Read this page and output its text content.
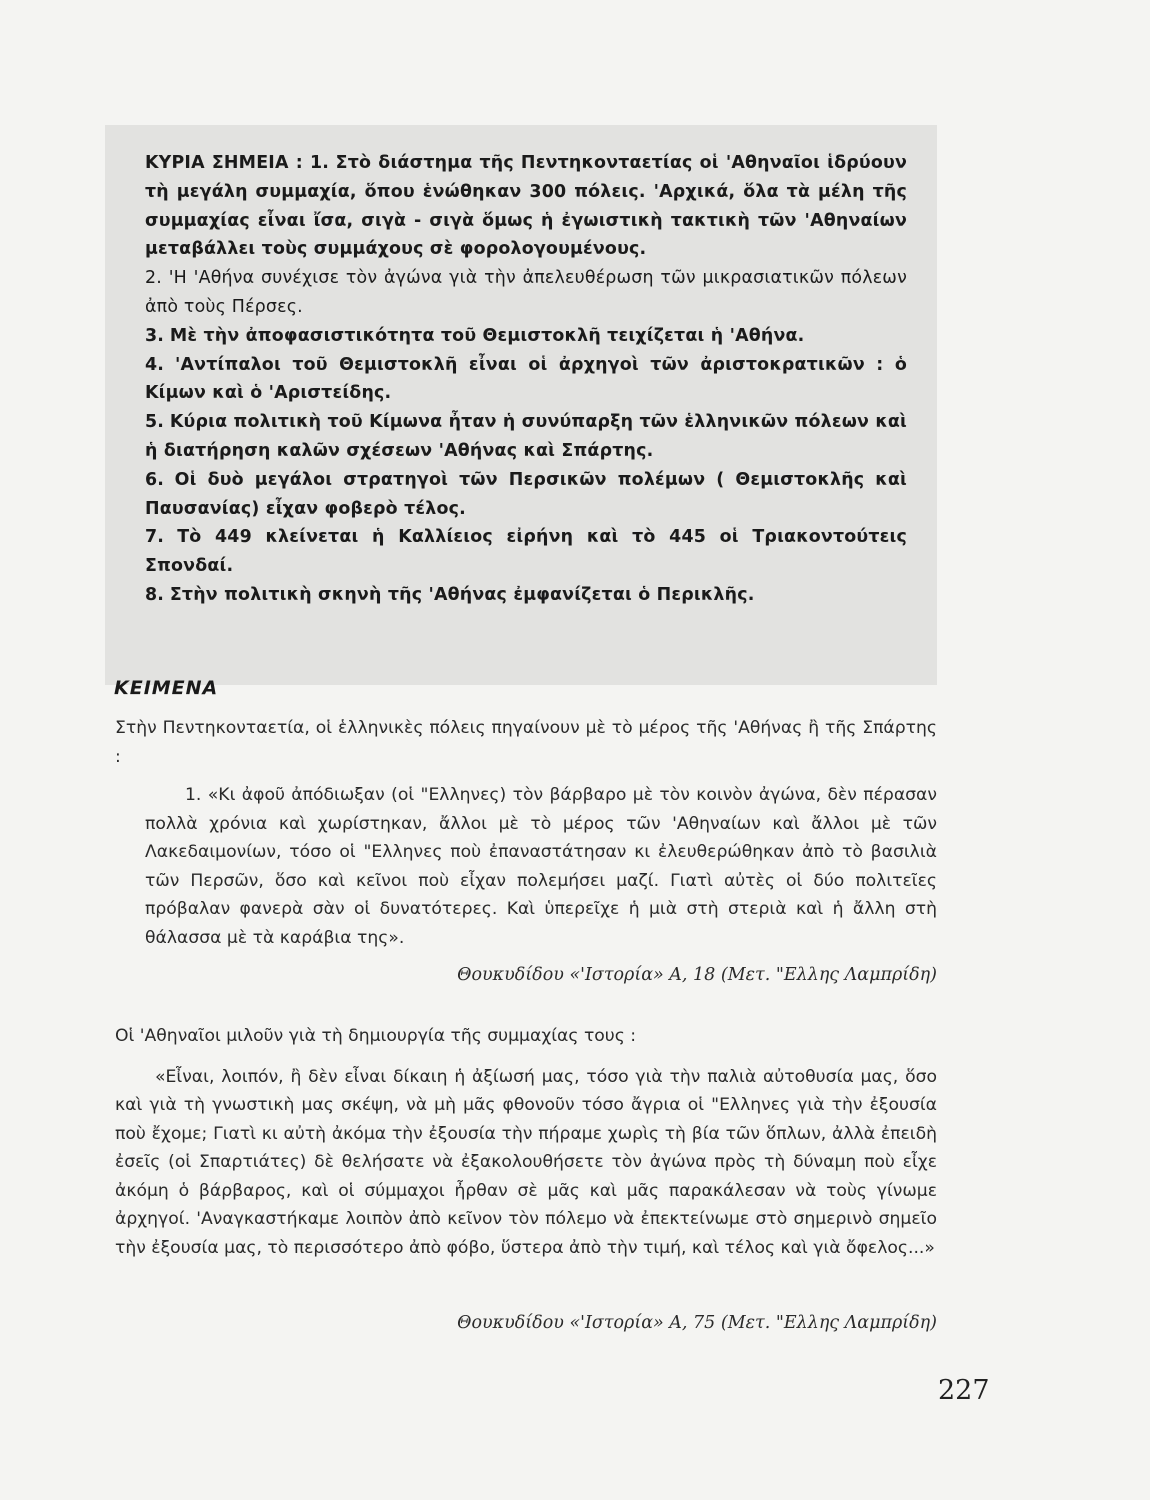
ΚΥΡΙΑ ΣΗΜΕΙΑ : 1. Στὸ διάστημα τῆς Πεντηκονταετίας οἱ 'Αθηναῖοι ἱδρύουν τὴ μεγάλη συμμαχία, ὅπου ἑνώθηκαν 300 πόλεις. 'Αρχικά, ὅλα τὰ μέλη τῆς συμμαχίας εἶναι ἴσα, σιγὰ - σιγὰ ὅμως ἡ ἐγωιστικὴ τακτικὴ τῶν 'Αθηναίων μεταβάλλει τοὺς συμμάχους σὲ φορολογουμένους.

2. 'Η 'Αθήνα συνέχισε τὸν ἀγώνα γιὰ τὴν ἀπελευθέρωση τῶν μικρασιατικῶν πόλεων ἀπὸ τοὺς Πέρσες.

3. Μὲ τὴν ἀποφασιστικότητα τοῦ Θεμιστοκλῆ τειχίζεται ἡ 'Αθήνα.

4. 'Αντίπαλοι τοῦ Θεμιστοκλῆ εἶναι οἱ ἀρχηγοὶ τῶν ἀριστοκρατικῶν : ὁ Κίμων καὶ ὁ 'Αριστείδης.

5. Κύρια πολιτικὴ τοῦ Κίμωνα ἦταν ἡ συνύπαρξη τῶν ἑλληνικῶν πόλεων καὶ ἡ διατήρηση καλῶν σχέσεων 'Αθήνας καὶ Σπάρτης.

6. Οἱ δυὸ μεγάλοι στρατηγοὶ τῶν Περσικῶν πολέμων ( Θεμιστοκλῆς καὶ Παυσανίας) εἶχαν φοβερὸ τέλος.

7. Τὸ 449 κλείνεται ἡ Καλλίειος εἰρήνη καὶ τὸ 445 οἱ Τριακοντούτεις Σπονδαί.

8. Στὴν πολιτικὴ σκηνὴ τῆς 'Αθήνας ἐμφανίζεται ὁ Περικλῆς.

ΚΕΙΜΕΝΑ

Στὴν Πεντηκονταετία, οἱ ἑλληνικὲς πόλεις πηγαίνουν μὲ τὸ μέρος τῆς 'Αθήνας ἢ τῆς Σπάρτης :

1. «Κι ἀφοῦ ἀπόδιωξαν (οἱ "Ελληνες) τὸν βάρβαρο μὲ τὸν κοινὸν ἀγώνα, δὲν πέρασαν πολλὰ χρόνια καὶ χωρίστηκαν, ἄλλοι μὲ τὸ μέρος τῶν 'Αθηναίων καὶ ἄλλοι μὲ τῶν Λακεδαιμονίων, τόσο οἱ "Ελληνες ποὺ ἐπαναστάτησαν κι ἐλευθερώθηκαν ἀπὸ τὸ βασιλιὰ τῶν Περσῶν, ὅσο καὶ κεῖνοι ποὺ εἶχαν πολεμήσει μαζί. Γιατὶ αὐτὲς οἱ δύο πολιτεῖες πρόβαλαν φανερὰ σὰν οἱ δυνατότερες. Καὶ ὑπερεῖχε ἡ μιὰ στὴ στεριὰ καὶ ἡ ἄλλη στὴ θάλασσα μὲ τὰ καράβια της».

Θουκυδίδου «'Ιστορία» Α, 18 (Μετ. "Ελλης Λαμπρίδη)

Οἱ 'Αθηναῖοι μιλοῦν γιὰ τὴ δημιουργία τῆς συμμαχίας τους :

«Εἶναι, λοιπόν, ἢ δὲν εἶναι δίκαιη ἡ ἀξίωσή μας, τόσο γιὰ τὴν παλιὰ αὐτοθυσία μας, ὅσο καὶ γιὰ τὴ γνωστικὴ μας σκέψη, νὰ μὴ μᾶς φθονοῦν τόσο ἄγρια οἱ "Ελληνες γιὰ τὴν ἐξουσία ποὺ ἔχομε; Γιατὶ κι αὐτὴ ἀκόμα τὴν ἐξουσία τὴν πήραμε χωρὶς τὴ βία τῶν ὅπλων, ἀλλὰ ἐπειδὴ ἐσεῖς (οἱ Σπαρτιάτες) δὲ θελήσατε νὰ ἐξακολουθήσετε τὸν ἀγώνα πρὸς τὴ δύναμη ποὺ εἶχε ἀκόμη ὁ βάρβαρος, καὶ οἱ σύμμαχοι ἦρθαν σὲ μᾶς καὶ μᾶς παρακάλεσαν νὰ τοὺς γίνωμε ἀρχηγοί. 'Αναγκαστήκαμε λοιπὸν ἀπὸ κεῖνον τὸν πόλεμο νὰ ἐπεκτείνωμε στὸ σημερινὸ σημεῖο τὴν ἐξουσία μας, τὸ περισσότερο ἀπὸ φόβο, ὕστερα ἀπὸ τὴν τιμή, καὶ τέλος καὶ γιὰ ὄφελος...»

Θουκυδίδου «'Ιστορία» Α, 75 (Μετ. "Ελλης Λαμπρίδη)
227
